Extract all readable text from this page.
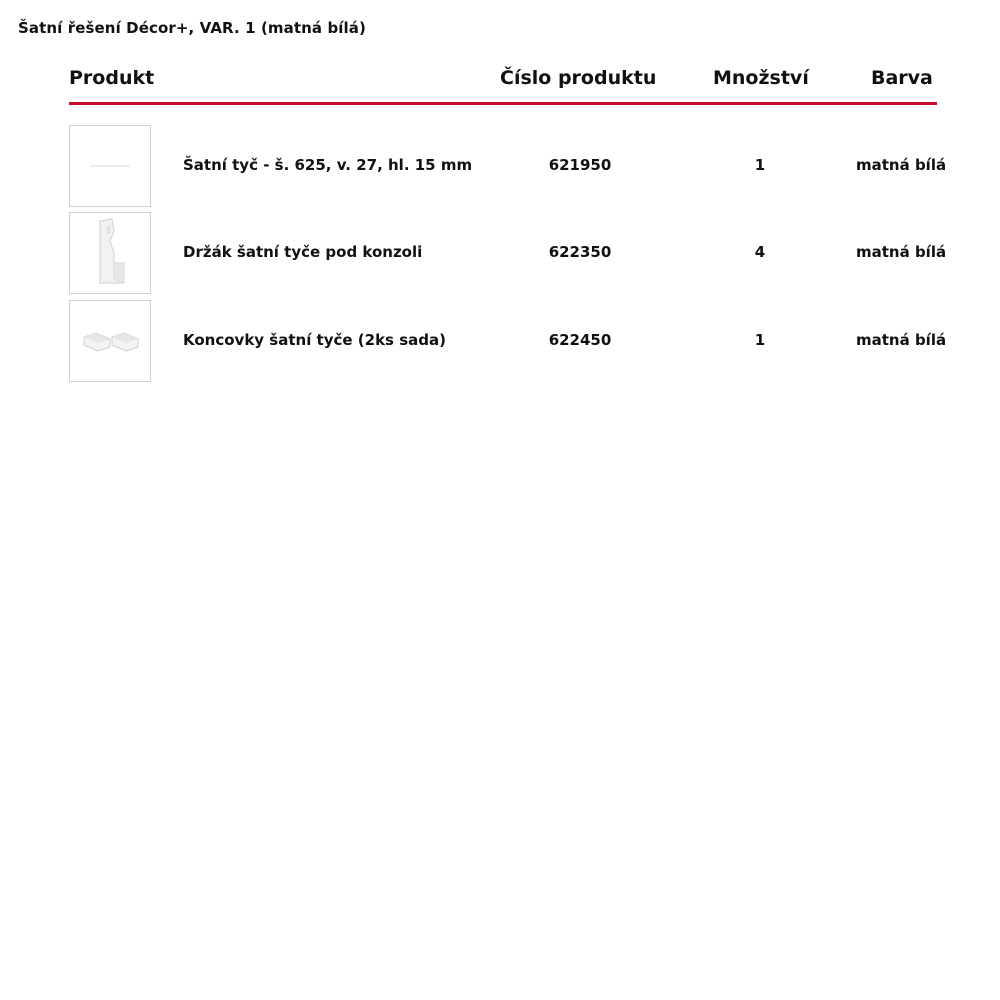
Šatní řešení Décor+, VAR. 1 (matná bílá)
Produkt	Číslo produktu	Množství	Barva
Šatní tyč - š. 625, v. 27, hl. 15 mm	621950	1	matná bílá
Držák šatní tyče pod konzoli	622350	4	matná bílá
Koncovky šatní tyče (2ks sada)	622450	1	matná bílá
